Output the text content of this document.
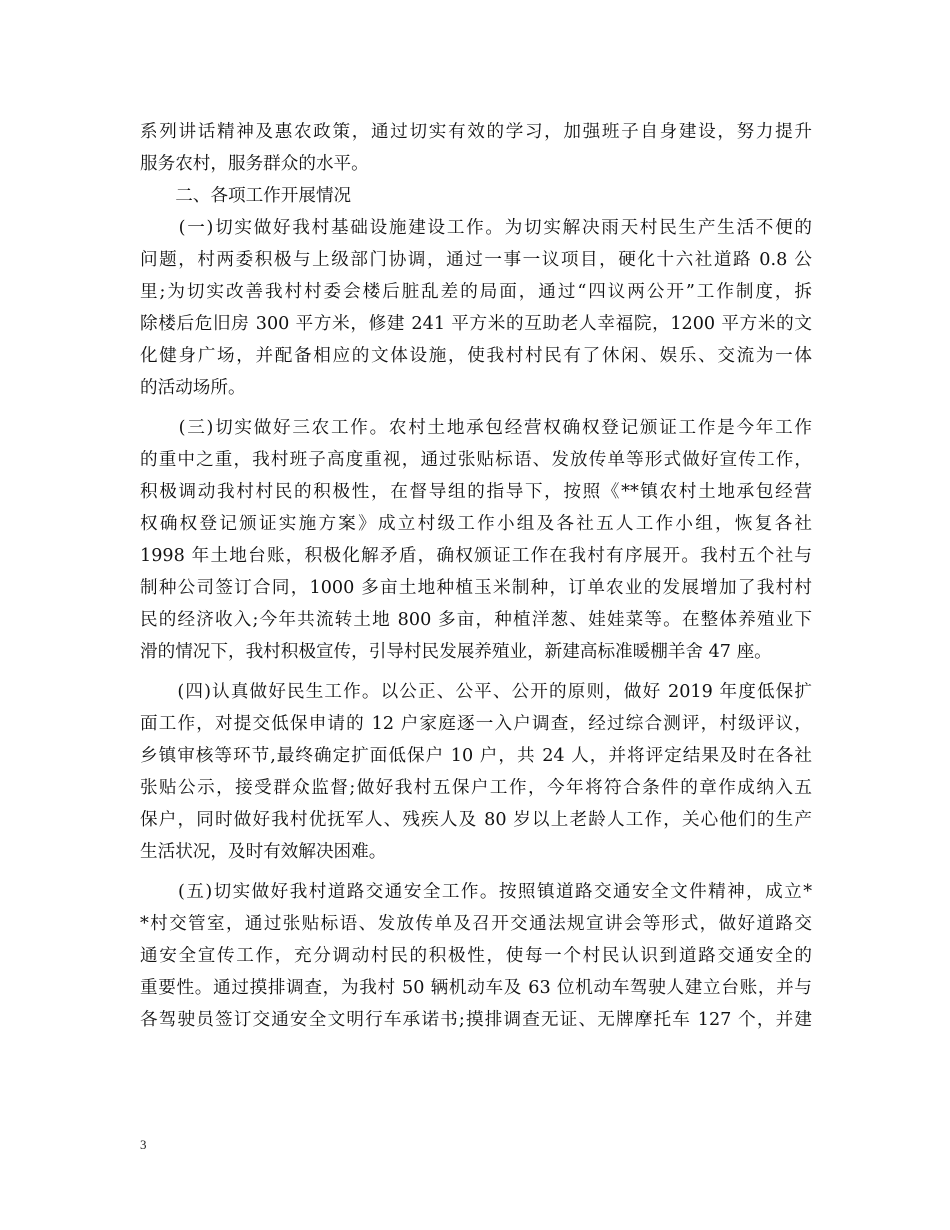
系列讲话精神及惠农政策，通过切实有效的学习，加强班子自身建设，努力提升
服务农村，服务群众的水平。
　　二、各项工作开展情况
　　(一)切实做好我村基础设施建设工作。为切实解决雨天村民生产生活不便的
问题，村两委积极与上级部门协调，通过一事一议项目，硬化十六社道路 0.8 公
里;为切实改善我村村委会楼后脏乱差的局面，通过“四议两公开”工作制度，拆
除楼后危旧房 300 平方米，修建 241 平方米的互助老人幸福院，1200 平方米的文
化健身广场，并配备相应的文体设施，使我村村民有了休闲、娱乐、交流为一体
的活动场所。
　　(三)切实做好三农工作。农村土地承包经营权确权登记颁证工作是今年工作
的重中之重，我村班子高度重视，通过张贴标语、发放传单等形式做好宣传工作，
积极调动我村村民的积极性，在督导组的指导下，按照《**镇农村土地承包经营
权确权登记颁证实施方案》成立村级工作小组及各社五人工作小组，恢复各社
1998 年土地台账，积极化解矛盾，确权颁证工作在我村有序展开。我村五个社与
制种公司签订合同，1000 多亩土地种植玉米制种，订单农业的发展增加了我村村
民的经济收入;今年共流转土地 800 多亩，种植洋葱、娃娃菜等。在整体养殖业下
滑的情况下，我村积极宣传，引导村民发展养殖业，新建高标准暖棚羊舍 47 座。
　　(四)认真做好民生工作。以公正、公平、公开的原则，做好 2019 年度低保扩
面工作，对提交低保申请的 12 户家庭逐一入户调查，经过综合测评，村级评议，
乡镇审核等环节,最终确定扩面低保户 10 户，共 24 人，并将评定结果及时在各社
张贴公示，接受群众监督;做好我村五保户工作，今年将符合条件的章作成纳入五
保户，同时做好我村优抚军人、残疾人及 80 岁以上老龄人工作，关心他们的生产
生活状况，及时有效解决困难。
　　(五)切实做好我村道路交通安全工作。按照镇道路交通安全文件精神，成立*
*村交管室，通过张贴标语、发放传单及召开交通法规宣讲会等形式，做好道路交
通安全宣传工作，充分调动村民的积极性，使每一个村民认识到道路交通安全的
重要性。通过摸排调查，为我村 50 辆机动车及 63 位机动车驾驶人建立台账，并与
各驾驶员签订交通安全文明行车承诺书;摸排调查无证、无牌摩托车 127 个，并建
3
